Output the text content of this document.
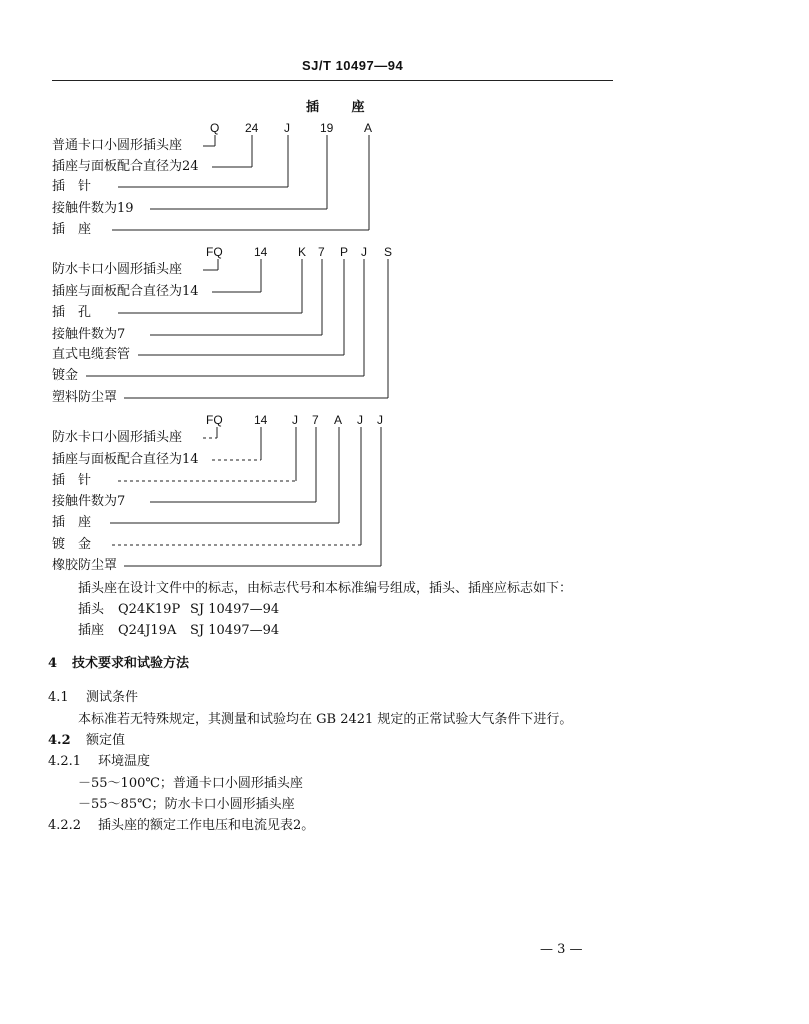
SJ/T 10497—94
插 座
Q 24 J	19	A
普通卡口小圆形插头座
插座与面板配合直径为24
插　针
接触件数为19
插　座
FQ	14	K 7 P J S
防水卡口小圆形插头座
插座与面板配合直径为14
插　孔
接触件数为7
直式电缆套管
镀金
塑料防尘罩
FQ	14 J 7 A J J
防水卡口小圆形插头座
插座与面板配合直径为14
插　针
接触件数为7
插　座
镀　金
橡胶防尘罩
插头座在设计文件中的标志，由标志代号和本标准编号组成，插头、插座应标志如下：
插头 Q24K19P SJ 10497—94
插座 Q24J19A SJ 10497—94
4 技术要求和试验方法
4.1 测试条件
本标准若无特殊规定，其测量和试验均在 GB 2421 规定的正常试验大气条件下进行。
4.2 额定值
4.2.1 环境温度
－55～100℃；普通卡口小圆形插头座
－55～85℃；防水卡口小圆形插头座
4.2.2 插头座的额定工作电压和电流见表2。
— 3 —
